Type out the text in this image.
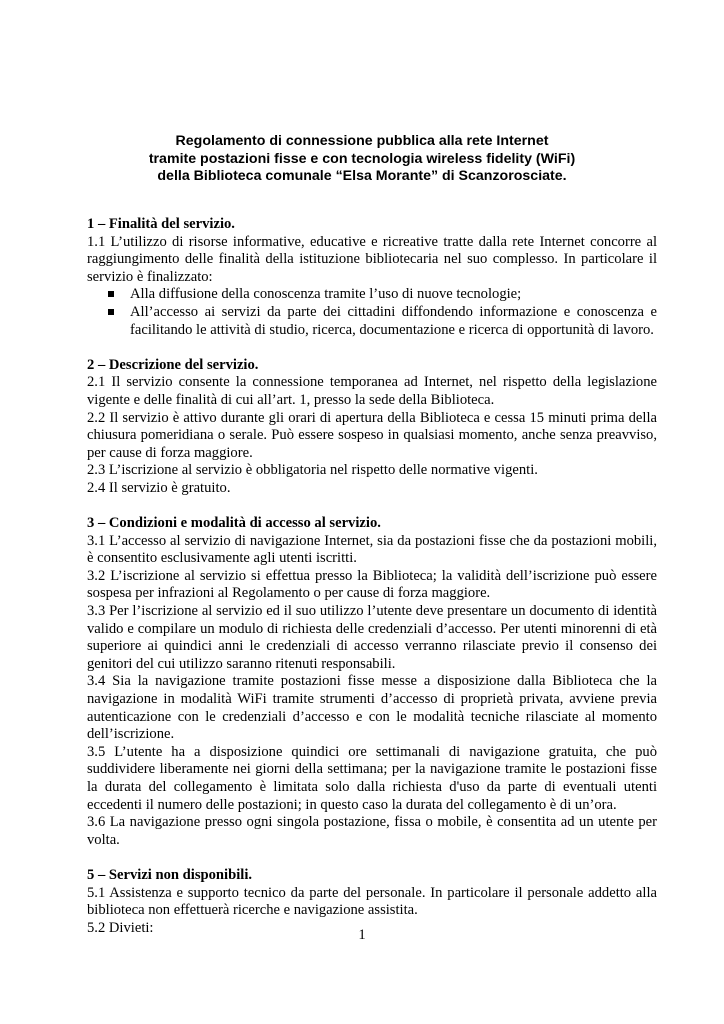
Regolamento di connessione pubblica alla rete Internet
tramite postazioni fisse e con tecnologia wireless fidelity (WiFi)
della Biblioteca comunale “Elsa Morante” di Scanzorosciate.
1 – Finalità del servizio.
1.1 L’utilizzo di risorse informative, educative e ricreative tratte dalla rete Internet concorre al raggiungimento delle finalità della istituzione bibliotecaria nel suo complesso. In particolare il servizio è finalizzato:
Alla diffusione della conoscenza tramite l’uso di nuove tecnologie;
All’accesso ai servizi da parte dei cittadini diffondendo informazione e conoscenza e facilitando le attività di studio, ricerca, documentazione e ricerca di opportunità di lavoro.
2 – Descrizione del servizio.
2.1 Il servizio consente la connessione temporanea ad Internet, nel rispetto della legislazione vigente e delle finalità di cui all’art. 1, presso la sede della Biblioteca.
2.2 Il servizio è attivo durante gli orari di apertura della Biblioteca e cessa 15 minuti prima della chiusura pomeridiana o serale. Può essere sospeso in qualsiasi momento, anche senza preavviso, per cause di forza maggiore.
2.3 L’iscrizione al servizio è obbligatoria nel rispetto delle normative vigenti.
2.4 Il servizio è gratuito.
3 – Condizioni e modalità di accesso al servizio.
3.1 L’accesso al servizio di navigazione Internet, sia da postazioni fisse che da postazioni mobili, è consentito esclusivamente agli utenti iscritti.
3.2 L’iscrizione al servizio si effettua presso la Biblioteca; la validità dell’iscrizione può essere sospesa per infrazioni al Regolamento o per cause di forza maggiore.
3.3 Per l’iscrizione al servizio ed il suo utilizzo l’utente deve presentare un documento di identità valido e compilare un modulo di richiesta delle credenziali d’accesso. Per utenti minorenni di età superiore ai quindici anni le credenziali di accesso verranno rilasciate previo il consenso dei genitori del cui utilizzo saranno ritenuti responsabili.
3.4 Sia la navigazione tramite postazioni fisse messe a disposizione dalla Biblioteca che la navigazione in modalità WiFi tramite strumenti d’accesso di proprietà privata, avviene previa autenticazione con le credenziali d’accesso e con le modalità tecniche rilasciate al momento dell’iscrizione.
3.5 L’utente ha a disposizione quindici ore settimanali di navigazione gratuita, che può suddividere liberamente nei giorni della settimana; per la navigazione tramite le postazioni fisse la durata del collegamento è limitata solo dalla richiesta d'uso da parte di eventuali utenti eccedenti il numero delle postazioni; in questo caso la durata del collegamento è di un’ora.
3.6 La navigazione presso ogni singola postazione, fissa o mobile, è consentita ad un utente per volta.
5 – Servizi non disponibili.
5.1 Assistenza e supporto tecnico da parte del personale. In particolare il personale addetto alla biblioteca non effettuerà ricerche e navigazione assistita.
5.2 Divieti:	1
